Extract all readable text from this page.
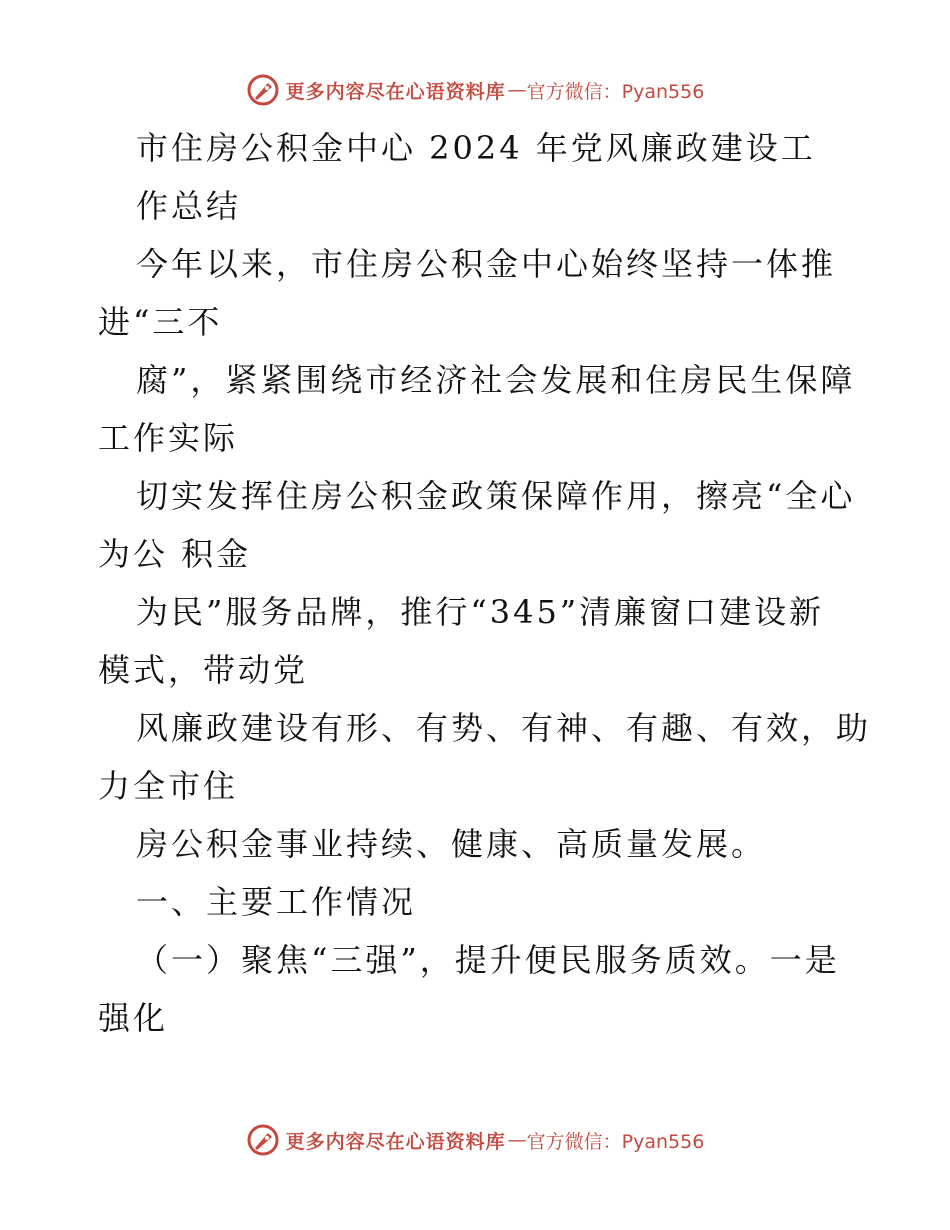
更多内容尽在心语资料库 — 官方微信：Pyan556
市住房公积金中心 2024 年党风廉政建设工
作总结
今年以来，市住房公积金中心始终坚持一体推
进“三不
腐”，紧紧围绕市经济社会发展和住房民生保障
工作实际
切实发挥住房公积金政策保障作用，擦亮“全心
为公 积金
为民”服务品牌，推行“345”清廉窗口建设新
模式，带动党
风廉政建设有形、有势、有神、有趣、有效，助
力全市住
房公积金事业持续、健康、高质量发展。
一、主要工作情况
（一）聚焦“三强”，提升便民服务质效。一是
强化
更多内容尽在心语资料库 — 官方微信：Pyan556
